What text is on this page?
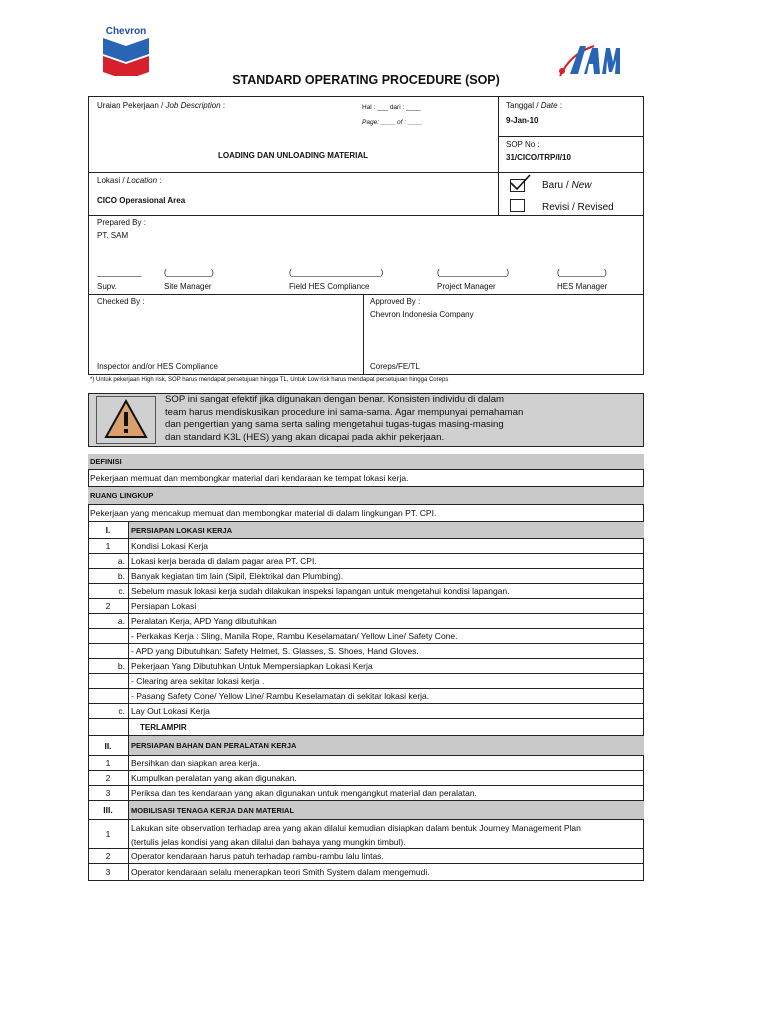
Chevron
STANDARD OPERATING PROCEDURE (SOP)
Uraian Pekerjaan / Job Description :	Hal : ___ dari : ____
Page: ____ of : ____
LOADING DAN UNLOADING MATERIAL
Tanggal / Date :
9-Jan-10
SOP No :
31/CICO/TRP/I/10
Lokasi / Location :
CICO Operasional Area
Baru / New
Revisi / Revised
Prepared By :
PT. SAM
__________
Supv.
(__________)
Site Manager
(____________________)
Field HES Compliance
(_______________)
Project Manager
(__________)
HES Manager
Checked By :
Inspector and/or HES Compliance
Approved By :
Chevron Indonesia Company
Coreps/FE/TL
*) Untuk pekerjaan High risk, SOP harus mendapat persetujuan hingga TL, Untuk Low risk harus mendapat persetujuan hingga Coreps
SOP ini sangat efektif jika digunakan dengan benar. Konsisten individu di dalam
team harus mendiskusikan procedure ini sama-sama. Agar mempunyai pemahaman
dan pengertian yang sama serta saling mengetahui tugas-tugas masing-masing
dan standard K3L (HES) yang akan dicapai pada akhir pekerjaan.
DEFINISI
Pekerjaan memuat dan membongkar material dari kendaraan ke tempat lokasi kerja.
RUANG LINGKUP
Pekerjaan yang mencakup memuat dan membongkar material di dalam lingkungan PT. CPI.
I.	PERSIAPAN LOKASI KERJA
1	Kondisi Lokasi Kerja
a. Lokasi kerja berada di dalam pagar area PT. CPI.
b. Banyak kegiatan tim lain (Sipil, Elektrikal dan Plumbing).
c. Sebelum masuk lokasi kerja sudah dilakukan inspeksi lapangan untuk mengetahui kondisi lapangan.
2	Persiapan Lokasi
a. Peralatan Kerja, APD Yang dibutuhkan
- Perkakas Kerja : Sling, Manila Rope, Rambu Keselamatan/ Yellow Line/ Safety Cone.
- APD yang Dibutuhkan: Safety Helmet, S. Glasses, S. Shoes, Hand Gloves.
b. Pekerjaan Yang Dibutuhkan Untuk Mempersiapkan Lokasi Kerja
- Clearing area sekitar lokasi kerja .
- Pasang Safety Cone/ Yellow Line/ Rambu Keselamatan di sekitar lokasi kerja.
c. Lay Out Lokasi Kerja
TERLAMPIR
II.	PERSIAPAN BAHAN DAN PERALATAN KERJA
1	Bersihkan dan siapkan area kerja.
2	Kumpulkan peralatan yang akan digunakan.
3	Periksa dan tes kendaraan yang akan digunakan untuk mengangkut material dan peralatan.
III.	MOBILISASI TENAGA KERJA DAN MATERIAL
1
Lakukan site observation terhadap area yang akan dilalui kemudian disiapkan dalam bentuk Journey Management Plan
(tertulis jelas kondisi yang akan dilalui dan bahaya yang mungkin timbul).
2	Operator kendaraan harus patuh terhadap rambu-rambu lalu lintas.
3	Operator kendaraan selalu menerapkan teori Smith System dalam mengemudi.
